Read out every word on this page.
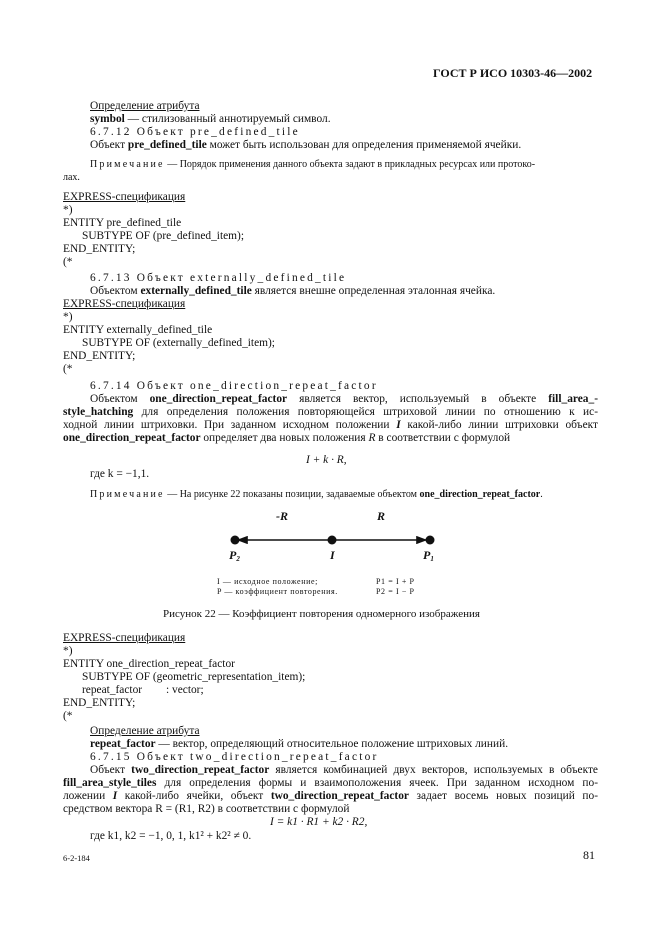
ГОСТ Р ИСО 10303-46—2002
Определение атрибута
symbol — стилизованный аннотируемый символ.
6.7.12 Объект pre_defined_tile
Объект pre_defined_tile может быть использован для определения применяемой ячейки.
Примечание — Порядок применения данного объекта задают в прикладных ресурсах или протоко-
лах.
EXPRESS-спецификация
*)
ENTITY pre_defined_tile
SUBTYPE OF (pre_defined_item);
END_ENTITY;
(*
6.7.13 Объект externally_defined_tile
Объектом externally_defined_tile является внешне определенная эталонная ячейка.
EXPRESS-спецификация
*)
ENTITY externally_defined_tile
SUBTYPE OF (externally_defined_item);
END_ENTITY;
(*
6.7.14 Объект one_direction_repeat_factor
Объектом one_direction_repeat_factor является вектор, используемый в объекте fill_area_-
style_hatching для определения положения повторяющейся штриховой линии по отношению к ис-
ходной линии штриховки. При заданном исходном положении I какой-либо линии штриховки объект
one_direction_repeat_factor определяет два новых положения R в соответствии с формулой
I + k · R,
где k = −1,1.
Примечание — На рисунке 22 показаны позиции, задаваемые объектом one_direction_repeat_factor.
-R	R
$P_2$	I	$P_1$
I — исходное положение;
P — коэффициент повторения.
P1 = I + P
P2 = I − P
Рисунок 22 — Коэффициент повторения одномерного изображения
EXPRESS-спецификация
*)
ENTITY one_direction_repeat_factor
SUBTYPE OF (geometric_representation_item);
repeat_factor : vector;
END_ENTITY;
(*
Определение атрибута
repeat_factor — вектор, определяющий относительное положение штриховых линий.
6.7.15 Объект two_direction_repeat_factor
Объект two_direction_repeat_factor является комбинацией двух векторов, используемых в объекте
fill_area_style_tiles для определения формы и взаимоположения ячеек. При заданном исходном по-
ложении I какой-либо ячейки, объект two_direction_repeat_factor задает восемь новых позиций по-
средством вектора R = (R1, R2) в соответствии с формулой
I = k1 · R1 + k2 · R2,
где k1, k2 = −1, 0, 1, k1² + k2² ≠ 0.
6-2-184	81
